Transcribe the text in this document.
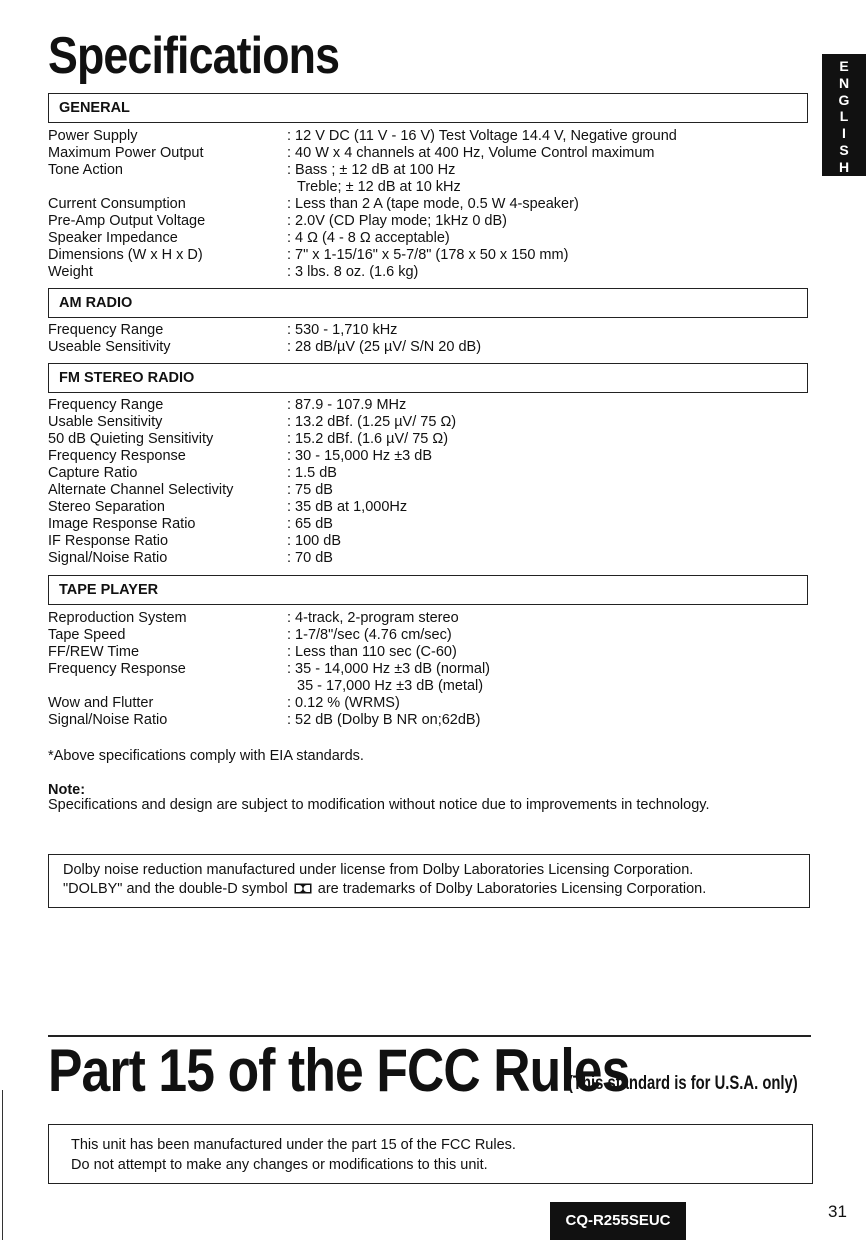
Specifications	E
N
G
L
I
S
H
GENERAL
Power Supply	: 12 V DC (11 V - 16 V) Test Voltage 14.4 V, Negative ground
Maximum Power Output	: 40 W x 4 channels at 400 Hz, Volume Control maximum
Tone Action	: Bass ; ± 12 dB at 100 Hz
Treble; ± 12 dB at 10 kHz
Current Consumption	: Less than 2 A (tape mode, 0.5 W 4-speaker)
Pre-Amp Output Voltage	: 2.0V (CD Play mode; 1kHz 0 dB)
Speaker Impedance	: 4 Ω (4 - 8 Ω acceptable)
Dimensions (W x H x D)	: 7" x 1-15/16" x 5-7/8" (178 x 50 x 150 mm)
Weight	: 3 lbs. 8 oz. (1.6 kg)
AM RADIO
Frequency Range	: 530 - 1,710 kHz
Useable Sensitivity	: 28 dB/µV (25 µV/ S/N 20 dB)
FM STEREO RADIO
Frequency Range	: 87.9 - 107.9 MHz
Usable Sensitivity	: 13.2 dBf. (1.25 µV/ 75 Ω)
50 dB Quieting Sensitivity	: 15.2 dBf. (1.6 µV/ 75 Ω)
Frequency Response	: 30 - 15,000 Hz ±3 dB
Capture Ratio	: 1.5 dB
Alternate Channel Selectivity	: 75 dB
Stereo Separation	: 35 dB at 1,000Hz
Image Response Ratio	: 65 dB
IF Response Ratio	: 100 dB
Signal/Noise Ratio	: 70 dB
TAPE PLAYER
Reproduction System	: 4-track, 2-program stereo
Tape Speed	: 1-7/8"/sec (4.76 cm/sec)
FF/REW Time	: Less than 110 sec (C-60)
Frequency Response	: 35 - 14,000 Hz ±3 dB (normal)
35 - 17,000 Hz ±3 dB (metal)
Wow and Flutter	: 0.12 % (WRMS)
Signal/Noise Ratio	: 52 dB (Dolby B NR on;62dB)
*Above specifications comply with EIA standards.
Note:
Specifications and design are subject to modification without notice due to improvements in technology.
Dolby noise reduction manufactured under license from Dolby Laboratories Licensing Corporation.
"DOLBY" and the double-D symbol are trademarks of Dolby Laboratories Licensing Corporation.
Part 15 of the FCC Rules
(This standard is for U.S.A. only)
This unit has been manufactured under the part 15 of the FCC Rules.
Do not attempt to make any changes or modifications to this unit.
CQ-R255SEUC	31
